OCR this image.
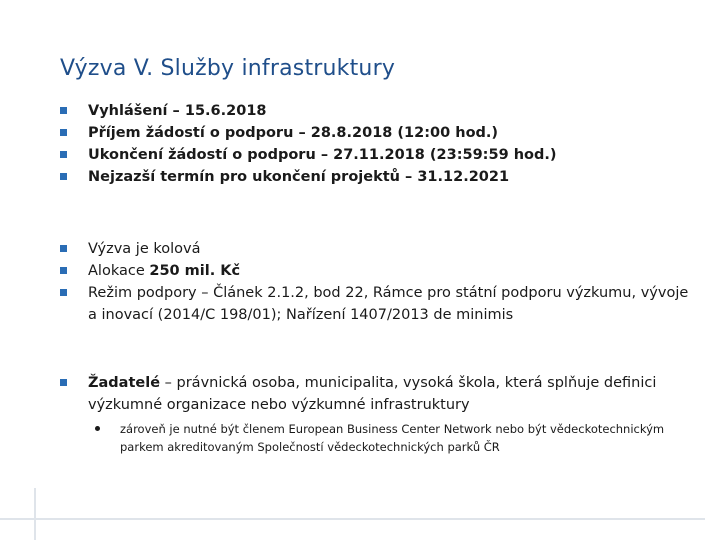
Výzva V. Služby infrastruktury
Vyhlášení – 15.6.2018
Příjem žádostí o podporu – 28.8.2018 (12:00 hod.)
Ukončení žádostí o podporu – 27.11.2018 (23:59:59 hod.)
Nejzazší termín pro ukončení projektů – 31.12.2021
Výzva je kolová
Alokace 250 mil. Kč
Režim podpory – Článek 2.1.2, bod 22, Rámce pro státní podporu výzkumu, vývoje a inovací (2014/C 198/01); Nařízení 1407/2013 de minimis
Žadatelé – právnická osoba, municipalita, vysoká škola, která splňuje definici výzkumné organizace nebo výzkumné infrastruktury
zároveň je nutné být členem European Business Center Network nebo být vědeckotechnickým parkem akreditovaným Společností vědeckotechnických parků ČR
